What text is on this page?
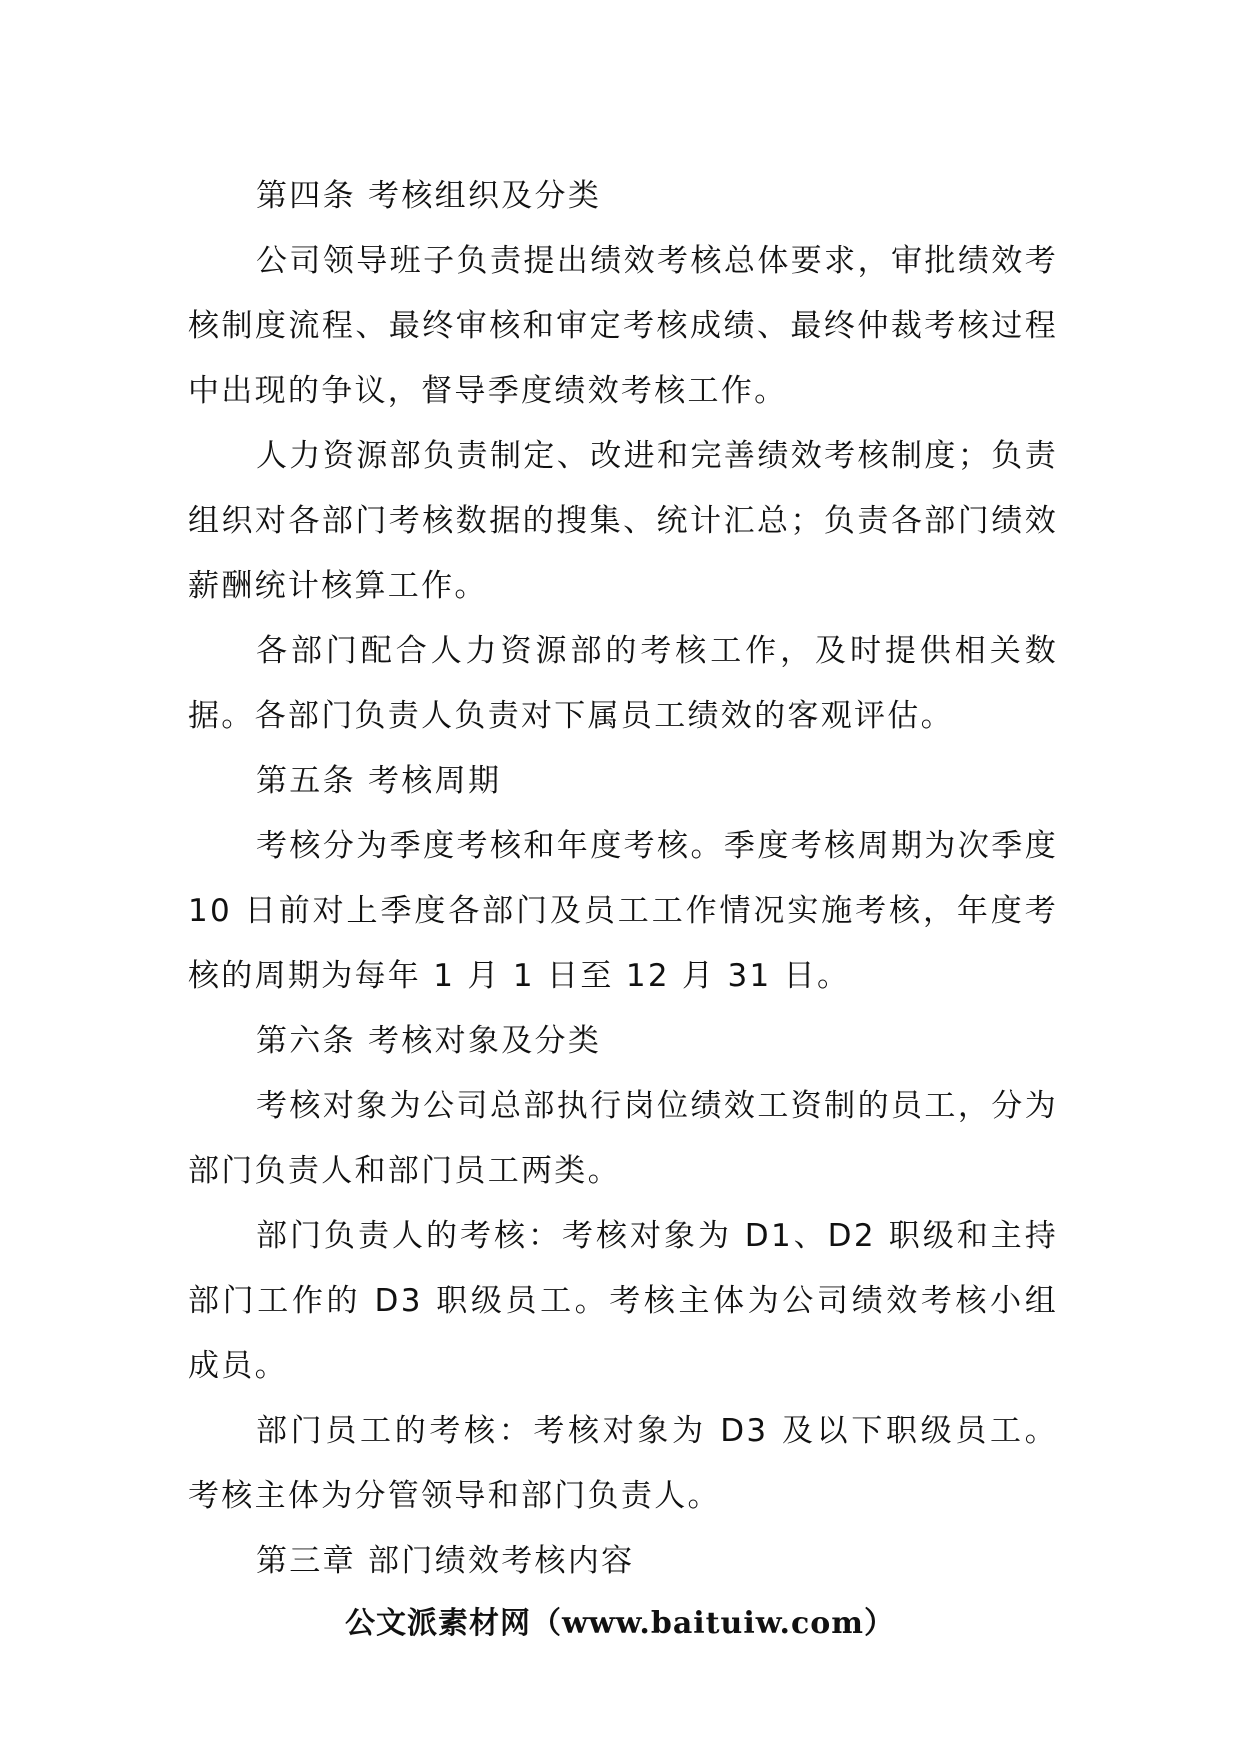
第四条 考核组织及分类

公司领导班子负责提出绩效考核总体要求，审批绩效考核制度流程、最终审核和审定考核成绩、最终仲裁考核过程中出现的争议，督导季度绩效考核工作。

人力资源部负责制定、改进和完善绩效考核制度；负责组织对各部门考核数据的搜集、统计汇总；负责各部门绩效薪酬统计核算工作。

各部门配合人力资源部的考核工作，及时提供相关数据。各部门负责人负责对下属员工绩效的客观评估。

第五条 考核周期

考核分为季度考核和年度考核。季度考核周期为次季度 10 日前对上季度各部门及员工工作情况实施考核，年度考核的周期为每年 1 月 1 日至 12 月 31 日。

第六条 考核对象及分类

考核对象为公司总部执行岗位绩效工资制的员工，分为部门负责人和部门员工两类。

部门负责人的考核：考核对象为 D1、D2 职级和主持部门工作的 D3 职级员工。考核主体为公司绩效考核小组成员。

部门员工的考核：考核对象为 D3 及以下职级员工。考核主体为分管领导和部门负责人。

第三章 部门绩效考核内容

公文派素材网（www.baituiw.com）
